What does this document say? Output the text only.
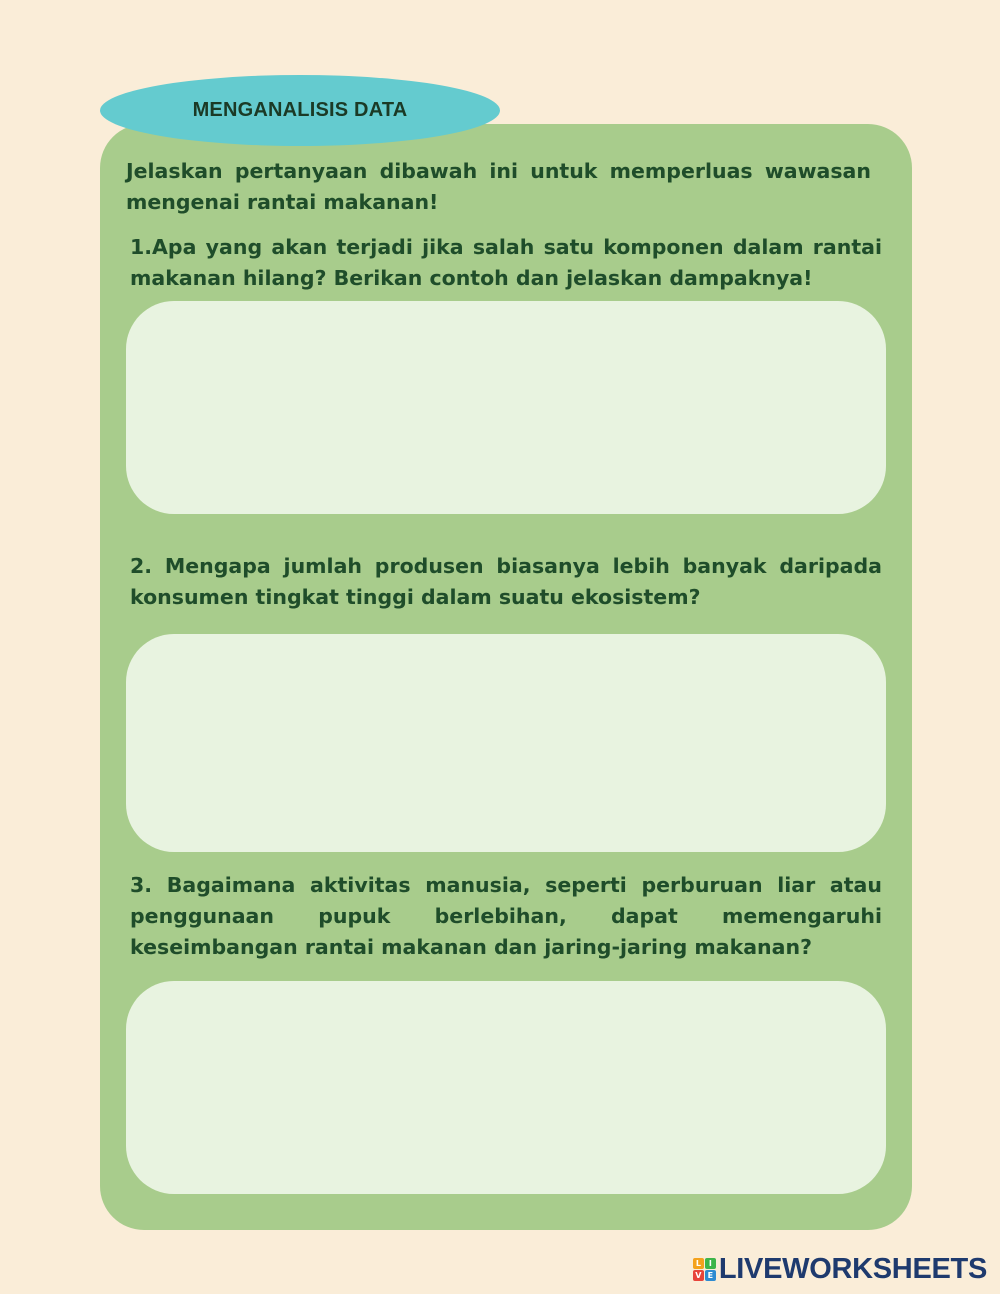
MENGANALISIS DATA

Jelaskan pertanyaan dibawah ini untuk memperluas wawasan mengenai rantai makanan!

1.Apa yang akan terjadi jika salah satu komponen dalam rantai makanan hilang? Berikan contoh dan jelaskan dampaknya!

2. Mengapa jumlah produsen biasanya lebih banyak daripada konsumen tingkat tinggi dalam suatu ekosistem?

3. Bagaimana aktivitas manusia, seperti perburuan liar atau penggunaan pupuk berlebihan, dapat memengaruhi keseimbangan rantai makanan dan jaring-jaring makanan?

L I
V E LIVEWORKSHEETS
